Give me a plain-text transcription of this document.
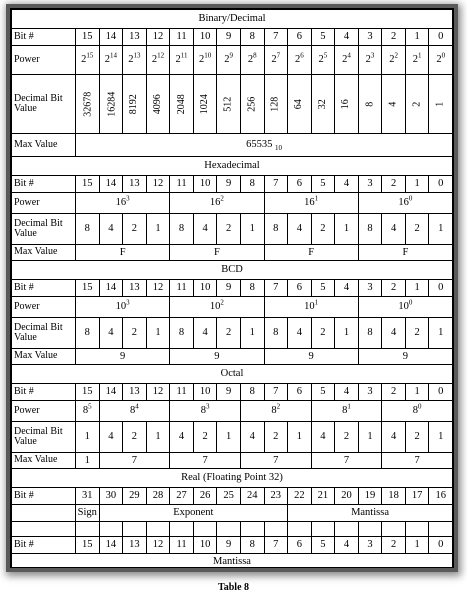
Binary/Decimal																
Bit #	15	14	13	12	11	10	9	8	7	6	5	4	3	2	1	0
Power	$2^{15}$	$2^{14}$	$2^{13}$	$2^{12}$	$2^{11}$	$2^{10}$	$2^9$	$2^8$	$2^7$	$2^6$	$2^5$	$2^4$	$2^3$	$2^2$	$2^1$	$2^0$
Decimal Bit Value	32678	16284	8192	4096	2048	1024	512	256	128	64	32	16	8	4	2	1
Max Value	65535 $_{10}$
Hexadecimal																
Bit #	15	14	13	12	11	10	9	8	7	6	5	4	3	2	1	0
Power	$16^3$				$16^2$				$16^1$				$16^0$
Decimal Bit Value	8	4	2	1	8	4	2	1	8	4	2	1	8	4	2	1
Max Value	F				F				F				F			
BCD																
Bit #	15	14	13	12	11	10	9	8	7	6	5	4	3	2	1	0
Power	$10^3$				$10^2$				$10^1$				$10^0$
Decimal Bit Value	8	4	2	1	8	4	2	1	8	4	2	1	8	4	2	1
Max Value	9				9				9				9			
Octal																
Bit #	15	14	13	12	11	10	9	8	7	6	5	4	3	2	1	0
Power	$8^5$	$8^4$			$8^3$			$8^2$			$8^1$			$8^0$
Decimal Bit Value	1	4	2	1	4	2	1	4	2	1	4	2	1	4	2	1
Max Value	1	7			7			7			7			7		
Real (Floating Point 32)																
Bit #	31	30	29	28	27	26	25	24	23	22	21	20	19	18	17	16
	Sign	Exponent								Mantissa						

Bit #	15	14	13	12	11	10	9	8	7	6	5	4	3	2	1	0
Mantissa																
Table 8
